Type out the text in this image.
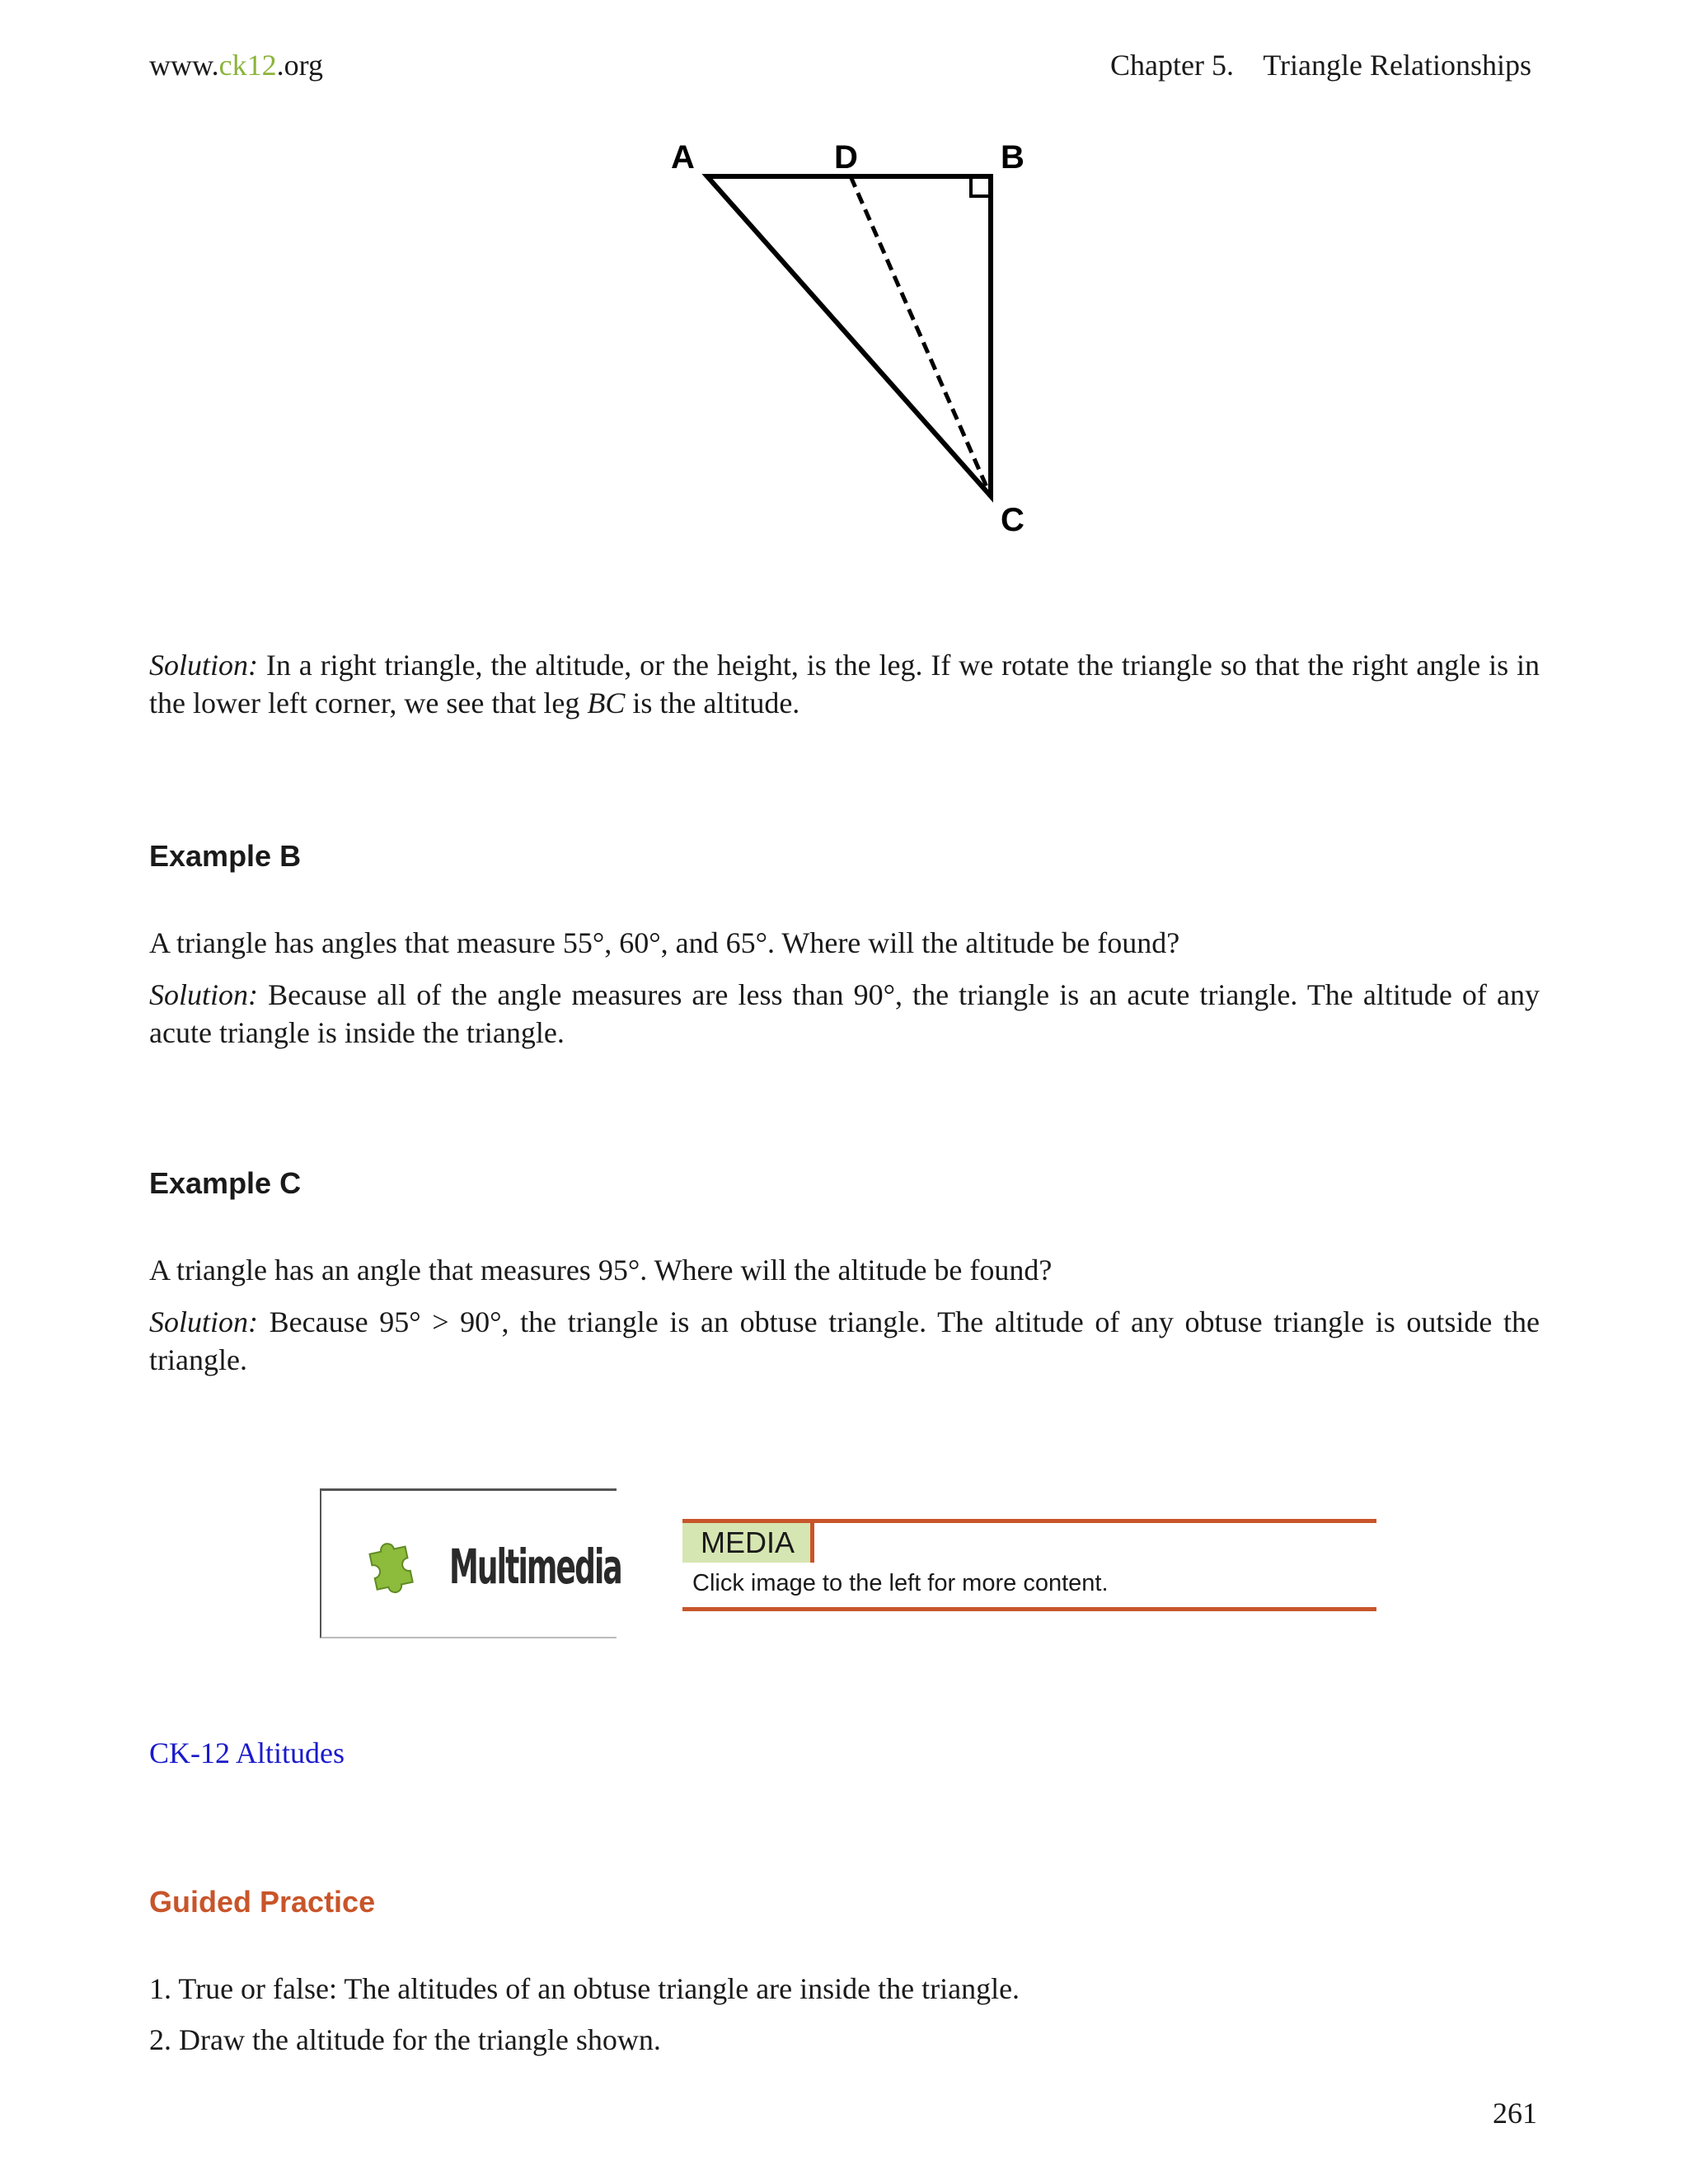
www.ck12.org	Chapter 5.    Triangle Relationships
A	D	B
C
Solution: In a right triangle, the altitude, or the height, is the leg. If we rotate the triangle so that the right angle is in the lower left corner, we see that leg BC is the altitude.
Example B
A triangle has angles that measure 55°, 60°, and 65°. Where will the altitude be found?
Solution: Because all of the angle measures are less than 90°, the triangle is an acute triangle. The altitude of any acute triangle is inside the triangle.
Example C
A triangle has an angle that measures 95°. Where will the altitude be found?
Solution: Because 95° > 90°, the triangle is an obtuse triangle. The altitude of any obtuse triangle is outside the triangle.
Multimedia	MEDIA
Click image to the left for more content.
CK-12 Altitudes
Guided Practice
1. True or false: The altitudes of an obtuse triangle are inside the triangle.
2. Draw the altitude for the triangle shown.
261
